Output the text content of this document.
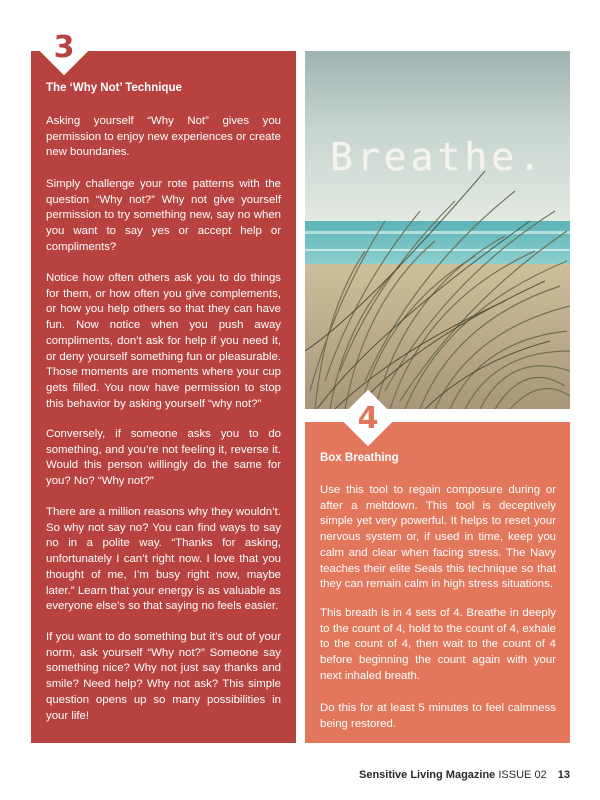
3
The ‘Why Not’ Technique

Asking yourself “Why Not” gives you permission to enjoy new experiences or create new boundaries.

Simply challenge your rote patterns with the question “Why not?” Why not give yourself permission to try something new, say no when you want to say yes or accept help or compliments?

Notice how often others ask you to do things for them, or how often you give complements, or how you help others so that they can have fun. Now notice when you push away compliments, don’t ask for help if you need it, or deny yourself something fun or pleasurable. Those moments are moments where your cup gets filled. You now have permission to stop this behavior by asking yourself “why not?”

Conversely, if someone asks you to do something, and you’re not feeling it, reverse it. Would this person willingly do the same for you? No? “Why not?”

There are a million reasons why they wouldn’t. So why not say no? You can find ways to say no in a polite way. “Thanks for asking, unfortunately I can’t right now. I love that you thought of me, I’m busy right now, maybe later.” Learn that your energy is as valuable as everyone else’s so that saying no feels easier.

If you want to do something but it’s out of your norm, ask yourself “Why not?” Someone say something nice? Why not just say thanks and smile? Need help? Why not ask? This simple question opens up so many possibilities in your life!

Breathe.
4
Box Breathing

Use this tool to regain composure during or after a meltdown. This tool is deceptively simple yet very powerful. It helps to reset your nervous system or, if used in time, keep you calm and clear when facing stress. The Navy teaches their elite Seals this technique so that they can remain calm in high stress situations.

This breath is in 4 sets of 4. Breathe in deeply to the count of 4, hold to the count of 4, exhale to the count of 4, then wait to the count of 4 before beginning the count again with your next inhaled breath.

Do this for at least 5 minutes to feel calmness being restored.

Sensitive Living Magazine ISSUE 02 13
